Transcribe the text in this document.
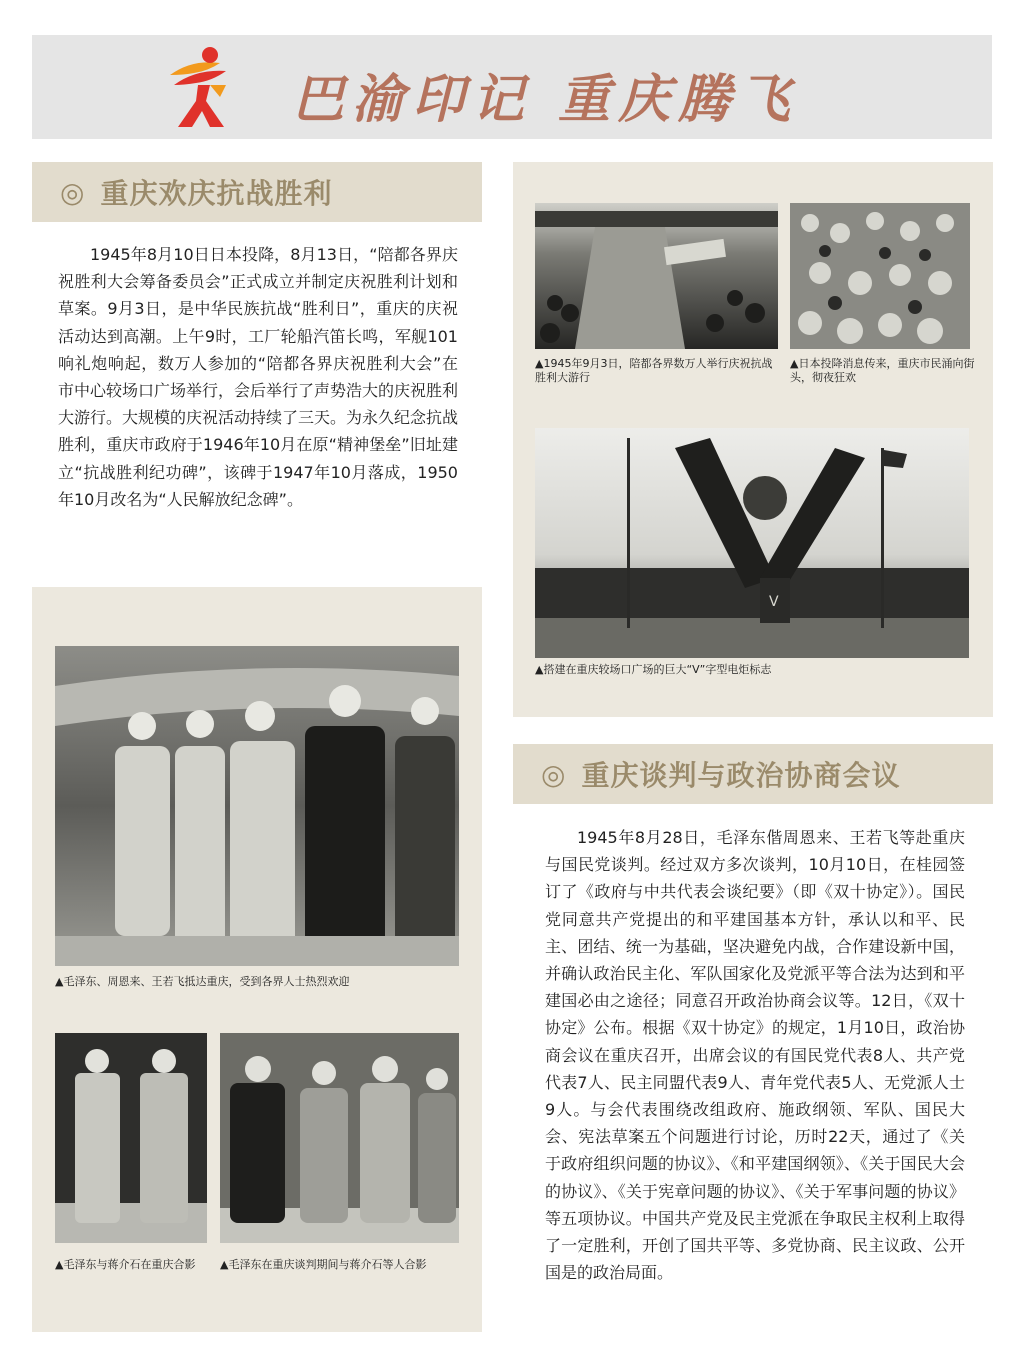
巴渝印记 重庆腾飞
◎ 重庆欢庆抗战胜利
1945年8月10日日本投降，8月13日，“陪都各界庆祝胜利大会筹备委员会”正式成立并制定庆祝胜利计划和草案。9月3日，是中华民族抗战“胜利日”，重庆的庆祝活动达到高潮。上午9时，工厂轮船汽笛长鸣，军舰101响礼炮响起，数万人参加的“陪都各界庆祝胜利大会”在市中心较场口广场举行，会后举行了声势浩大的庆祝胜利大游行。大规模的庆祝活动持续了三天。为永久纪念抗战胜利，重庆市政府于1946年10月在原“精神堡垒”旧址建立“抗战胜利纪功碑”，该碑于1947年10月落成，1950年10月改名为“人民解放纪念碑”。
▲1945年9月3日，陪都各界数万人举行庆祝抗战胜利大游行
▲日本投降消息传来，重庆市民涌向街头，彻夜狂欢
V
▲搭建在重庆较场口广场的巨大“V”字型电炬标志
▲毛泽东、周恩来、王若飞抵达重庆，受到各界人士热烈欢迎
▲毛泽东与蒋介石在重庆合影	▲毛泽东在重庆谈判期间与蒋介石等人合影
◎ 重庆谈判与政治协商会议
1945年8月28日，毛泽东偕周恩来、王若飞等赴重庆与国民党谈判。经过双方多次谈判，10月10日，在桂园签订了《政府与中共代表会谈纪要》（即《双十协定》）。国民党同意共产党提出的和平建国基本方针，承认以和平、民主、团结、统一为基础，坚决避免内战，合作建设新中国，并确认政治民主化、军队国家化及党派平等合法为达到和平建国必由之途径；同意召开政治协商会议等。12日，《双十协定》公布。根据《双十协定》的规定，1月10日，政治协商会议在重庆召开，出席会议的有国民党代表8人、共产党代表7人、民主同盟代表9人、青年党代表5人、无党派人士9人。与会代表围绕改组政府、施政纲领、军队、国民大会、宪法草案五个问题进行讨论，历时22天，通过了《关于政府组织问题的协议》、《和平建国纲领》、《关于国民大会的协议》、《关于宪章问题的协议》、《关于军事问题的协议》等五项协议。中国共产党及民主党派在争取民主权利上取得了一定胜利，开创了国共平等、多党协商、民主议政、公开国是的政治局面。
